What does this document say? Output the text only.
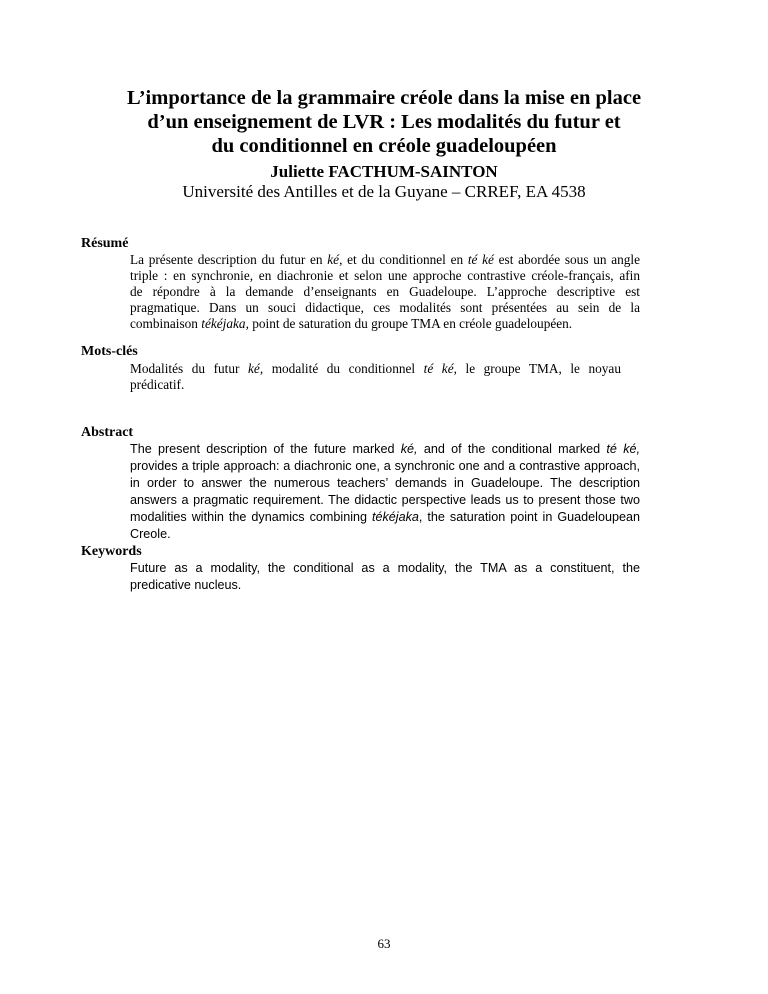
L’importance de la grammaire créole dans la mise en place
d’un enseignement de LVR : Les modalités du futur et
du conditionnel en créole guadeloupéen

Juliette FACTHUM-SAINTON

Université des Antilles et de la Guyane – CRREF, EA 4538

Résumé
La présente description du futur en ké, et du conditionnel en té ké est abordée sous un angle
triple : en synchronie, en diachronie et selon une approche contrastive créole-français, afin
de répondre à la demande d’enseignants en Guadeloupe. L’approche descriptive est
pragmatique. Dans un souci didactique, ces modalités sont présentées au sein de la
combinaison tékéjaka, point de saturation du groupe TMA en créole guadeloupéen.
Mots-clés
Modalités du futur ké, modalité du conditionnel té ké, le groupe TMA, le noyau
prédicatif.
Abstract
The present description of the future marked ké, and of the conditional marked té ké,
provides a triple approach: a diachronic one, a synchronic one and a contrastive approach,
in order to answer the numerous teachers’ demands in Guadeloupe. The description
answers a pragmatic requirement. The didactic perspective leads us to present those two
modalities within the dynamics combining tékéjaka, the saturation point in Guadeloupean
Creole.
Keywords
Future as a modality, the conditional as a modality, the TMA as a constituent, the
predicative nucleus.

63
